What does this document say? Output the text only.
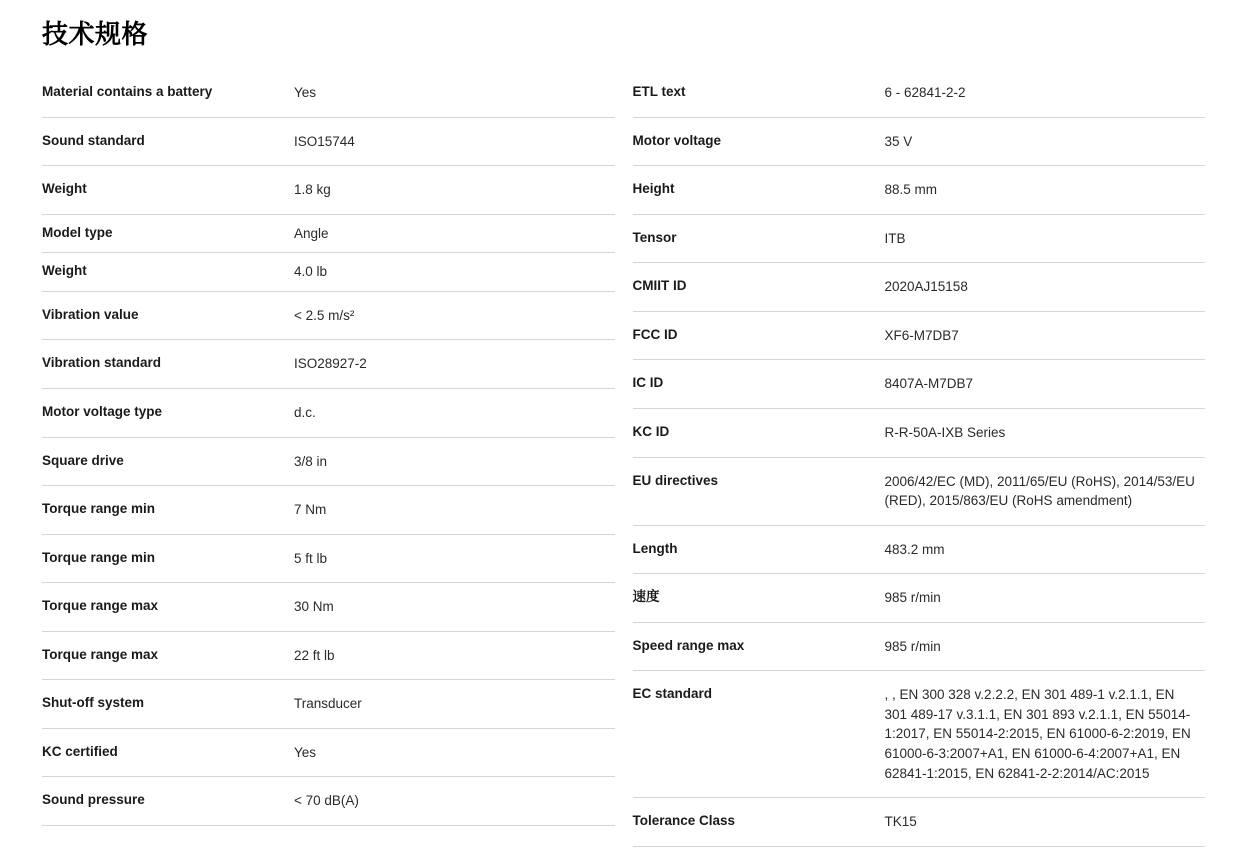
技术规格
Material contains a battery	Yes
Sound standard	ISO15744
Weight	1.8 kg
Model type	Angle
Weight	4.0 lb
Vibration value	< 2.5 m/s²
Vibration standard	ISO28927-2
Motor voltage type	d.c.
Square drive	3/8 in
Torque range min	7 Nm
Torque range min	5 ft lb
Torque range max	30 Nm
Torque range max	22 ft lb
Shut-off system	Transducer
KC certified	Yes
Sound pressure	< 70 dB(A)
ETL text	6 - 62841-2-2
Motor voltage	35 V
Height	88.5 mm
Tensor	ITB
CMIIT ID	2020AJ15158
FCC ID	XF6-M7DB7
IC ID	8407A-M7DB7
KC ID	R-R-50A-IXB Series
EU directives	2006/42/EC (MD), 2011/65/EU (RoHS), 2014/53/EU (RED), 2015/863/EU (RoHS amendment)
Length	483.2 mm
速度	985 r/min
Speed range max	985 r/min
EC standard	, , EN 300 328 v.2.2.2, EN 301 489-1 v.2.1.1, EN 301 489-17 v.3.1.1, EN 301 893 v.2.1.1, EN 55014-1:2017, EN 55014-2:2015, EN 61000-6-2:2019, EN 61000-6-3:2007+A1, EN 61000-6-4:2007+A1, EN 62841-1:2015, EN 62841-2-2:2014/AC:2015
Tolerance Class	TK15
